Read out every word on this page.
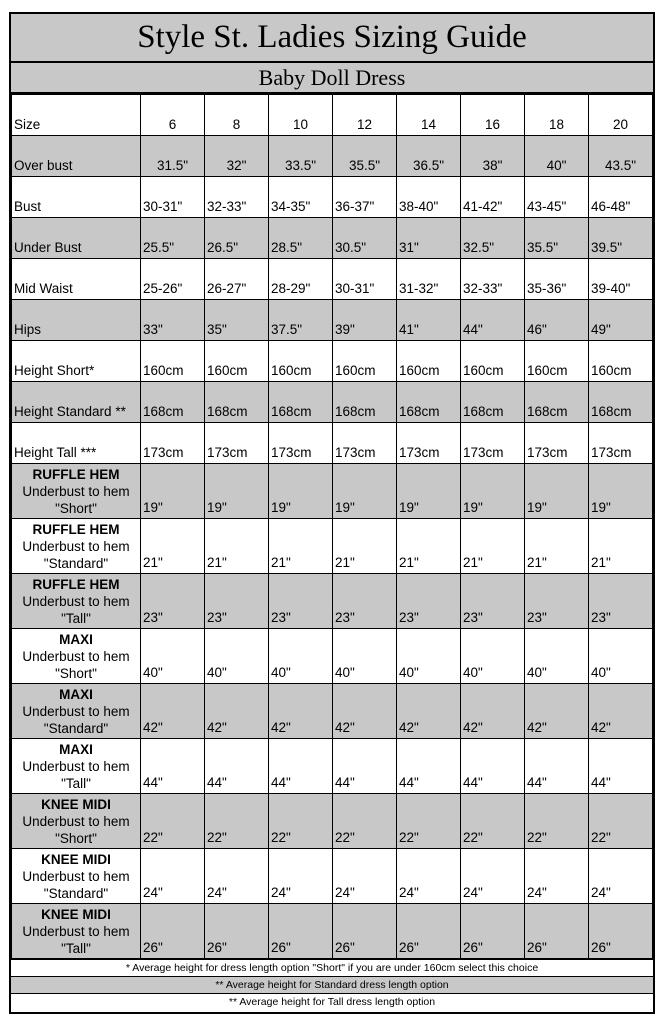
Style St. Ladies Sizing Guide
Baby Doll Dress
Size	6	8	10	12	14	16	18	20
Over bust	31.5"	32"	33.5"	35.5"	36.5"	38"	40"	43.5"
Bust	30-31"	32-33"	34-35"	36-37"	38-40"	41-42"	43-45"	46-48"
Under Bust	25.5"	26.5"	28.5"	30.5"	31"	32.5"	35.5"	39.5"
Mid Waist	25-26"	26-27"	28-29"	30-31"	31-32"	32-33"	35-36"	39-40"
Hips	33"	35"	37.5"	39"	41"	44"	46"	49"
Height Short*	160cm	160cm	160cm	160cm	160cm	160cm	160cm	160cm
Height Standard **	168cm	168cm	168cm	168cm	168cm	168cm	168cm	168cm
Height Tall ***	173cm	173cm	173cm	173cm	173cm	173cm	173cm	173cm

RUFFLE HEM
Underbust to hem
"Short"	19"	19"	19"	19"	19"	19"	19"	19"

RUFFLE HEM
Underbust to hem
"Standard"	21"	21"	21"	21"	21"	21"	21"	21"

RUFFLE HEM
Underbust to hem
"Tall"	23"	23"	23"	23"	23"	23"	23"	23"

MAXI
Underbust to hem
"Short"	40"	40"	40"	40"	40"	40"	40"	40"

MAXI
Underbust to hem
"Standard"	42"	42"	42"	42"	42"	42"	42"	42"

MAXI
Underbust to hem
"Tall"	44"	44"	44"	44"	44"	44"	44"	44"

KNEE MIDI
Underbust to hem
"Short"	22"	22"	22"	22"	22"	22"	22"	22"

KNEE MIDI
Underbust to hem
"Standard"	24"	24"	24"	24"	24"	24"	24"	24"

KNEE MIDI
Underbust to hem
"Tall"	26"	26"	26"	26"	26"	26"	26"	26"
* Average height for dress length option "Short" if you are under 160cm select this choice
** Average height for Standard dress length option
** Average height for Tall dress length option
